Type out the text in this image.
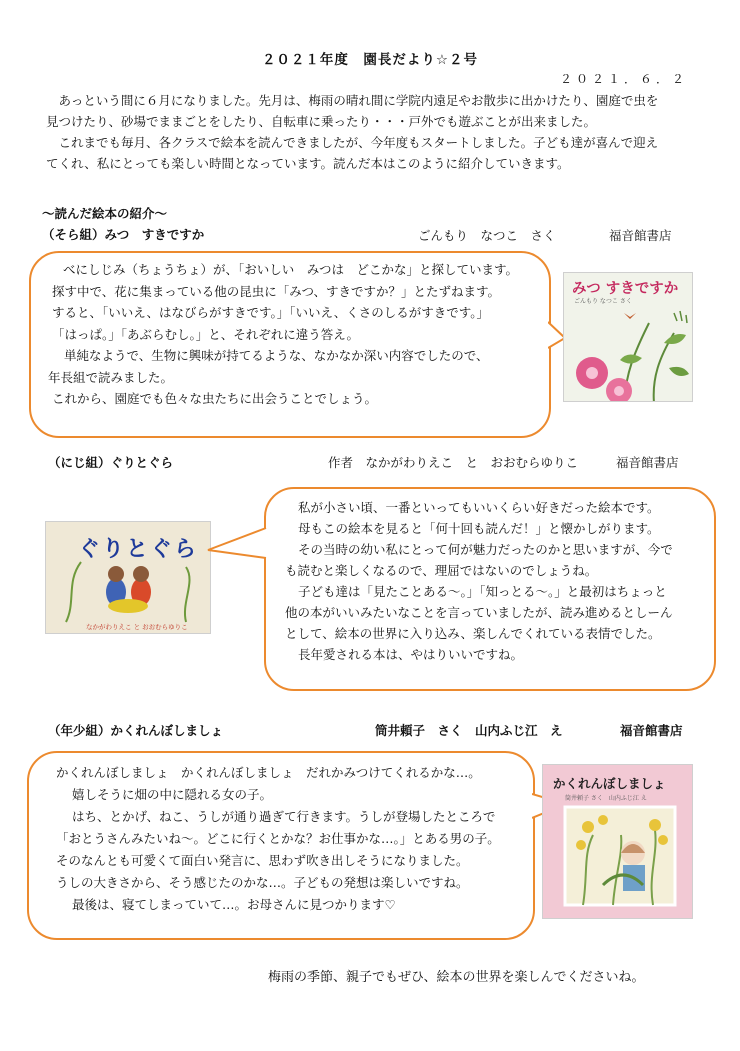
２０２１年度　園長だより☆２号
２０２１．６．２

　あっという間に６月になりました。先月は、梅雨の晴れ間に学院内遠足やお散歩に出かけたり、園庭で虫を

見つけたり、砂場でままごとをしたり、自転車に乗ったり・・・戸外でも遊ぶことが出来ました。

　これまでも毎月、各クラスで絵本を読んできましたが、今年度もスタートしました。子ども達が喜んで迎え

てくれ、私にとっても楽しい時間となっています。読んだ本はこのように紹介していきます。

～読んだ絵本の紹介～
（そら組）みつ　すきですか	ごんもり　なつこ　さく	福音館書店

べにしじみ（ちょうちょ）が、「おいしい　みつは　どこかな」と探しています。

探す中で、花に集まっている他の昆虫に「みつ、すきですか？」とたずねます。

すると、「いいえ、はなびらがすきです。」「いいえ、くさのしるがすきです。」

「はっぱ。」「あぶらむし。」と、それぞれに違う答え。

単純なようで、生物に興味が持てるような、なかなか深い内容でしたので、

年長組で読みました。

これから、園庭でも色々な虫たちに出会うことでしょう。

みつ すきですか
ごんもり なつこ さく
（にじ組）ぐりとぐら	作者　なかがわりえこ　と　おおむらゆりこ	福音館書店
ぐりとぐら
なかがわりえこ と おおむらゆりこ

私が小さい頃、一番といってもいいくらい好きだった絵本です。

母もこの絵本を見ると「何十回も読んだ！」と懐かしがります。

その当時の幼い私にとって何が魅力だったのかと思いますが、今で

も読むと楽しくなるので、理屈ではないのでしょうね。

子ども達は「見たことある～。」「知っとる～。」と最初はちょっと

他の本がいいみたいなことを言っていましたが、読み進めるとしーん

として、絵本の世界に入り込み、楽しんでくれている表情でした。

長年愛される本は、やはりいいですね。

（年少組）かくれんぼしましょ	筒井頼子　さく　山内ふじ江　え	福音館書店

かくれんぼしましょ　かくれんぼしましょ　だれかみつけてくれるかな…。

嬉しそうに畑の中に隠れる女の子。

はち、とかげ、ねこ、うしが通り過ぎて行きます。うしが登場したところで

「おとうさんみたいね～。どこに行くとかな？お仕事かな…。」とある男の子。

そのなんとも可愛くて面白い発言に、思わず吹き出しそうになりました。

うしの大きさから、そう感じたのかな…。子どもの発想は楽しいですね。

最後は、寝てしまっていて…。お母さんに見つかります♡

かくれんぼしましょ
筒井頼子 さく　山内ふじ江 え
梅雨の季節、親子でもぜひ、絵本の世界を楽しんでくださいね。
